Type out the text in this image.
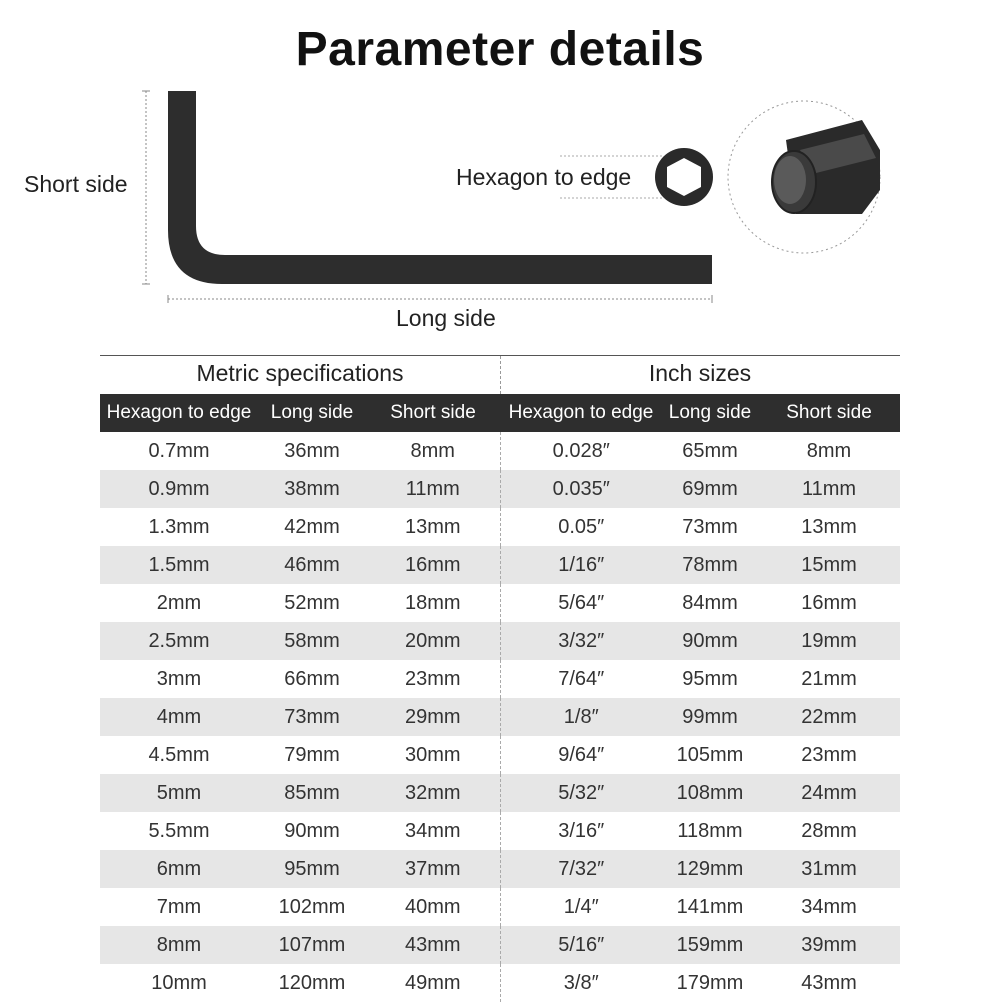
Parameter details
Short side
Long side
Hexagon to edge
Metric specifications	Inch sizes
Hexagon to edge	Long side	Short side	Hexagon to edge	Long side	Short side
0.7mm	36mm	8mm	0.028″	65mm	8mm
0.9mm	38mm	11mm	0.035″	69mm	11mm
1.3mm	42mm	13mm	0.05″	73mm	13mm
1.5mm	46mm	16mm	1/16″	78mm	15mm
2mm	52mm	18mm	5/64″	84mm	16mm
2.5mm	58mm	20mm	3/32″	90mm	19mm
3mm	66mm	23mm	7/64″	95mm	21mm
4mm	73mm	29mm	1/8″	99mm	22mm
4.5mm	79mm	30mm	9/64″	105mm	23mm
5mm	85mm	32mm	5/32″	108mm	24mm
5.5mm	90mm	34mm	3/16″	118mm	28mm
6mm	95mm	37mm	7/32″	129mm	31mm
7mm	102mm	40mm	1/4″	141mm	34mm
8mm	107mm	43mm	5/16″	159mm	39mm
10mm	120mm	49mm	3/8″	179mm	43mm
